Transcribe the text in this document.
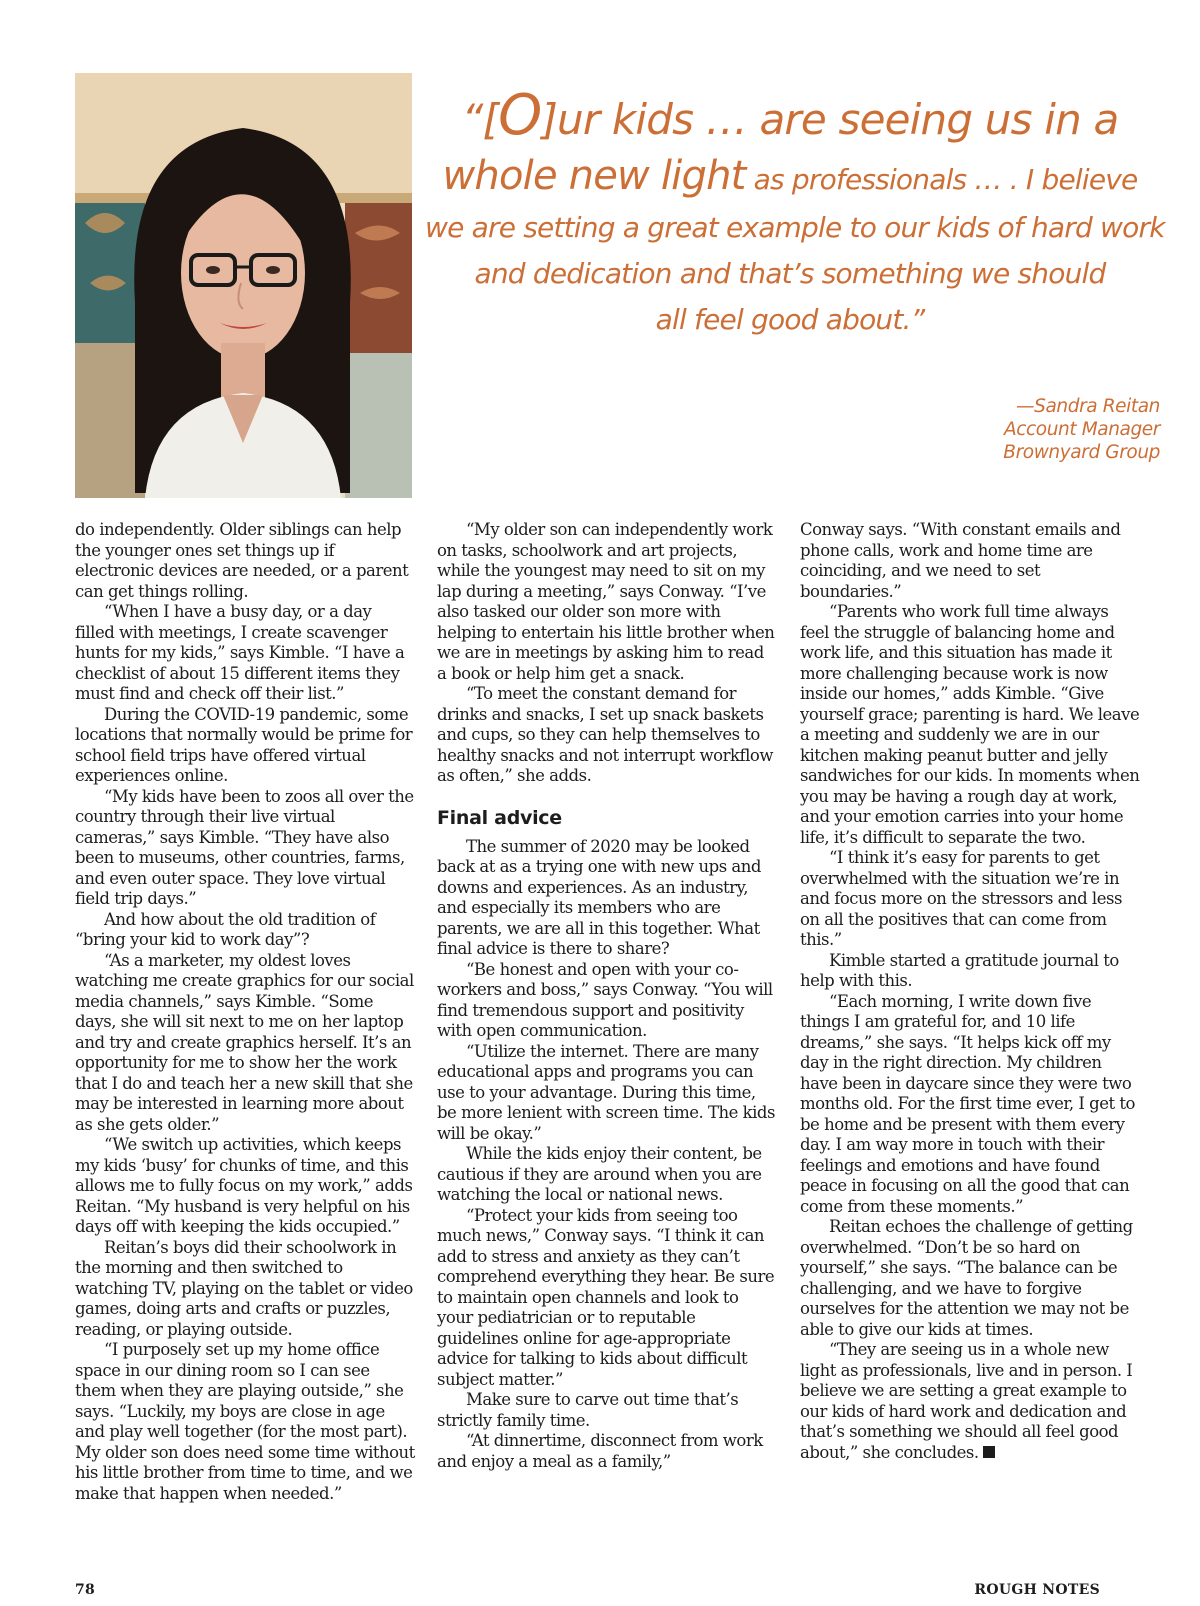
“[O]ur kids … are seeing us in a
whole new light as professionals … . I believe
we are setting a great example to our kids of hard work
and dedication and that’s something we should
all feel good about.”
—Sandra Reitan
Account Manager
Brownyard Group

do independently. Older siblings can help the younger ones set things up if electronic devices are needed, or a parent can get things rolling.

“When I have a busy day, or a day filled with meetings, I create scavenger hunts for my kids,” says Kimble. “I have a checklist of about 15 different items they must find and check off their list.”

During the COVID-19 pandemic, some locations that normally would be prime for school field trips have offered virtual experiences online.

“My kids have been to zoos all over the country through their live virtual cameras,” says Kimble. “They have also been to museums, other countries, farms, and even outer space. They love virtual field trip days.”

And how about the old tradition of “bring your kid to work day”?

“As a marketer, my oldest loves watching me create graphics for our social media channels,” says Kimble. “Some days, she will sit next to me on her laptop and try and create graphics herself. It’s an opportunity for me to show her the work that I do and teach her a new skill that she may be interested in learning more about as she gets older.”

“We switch up activities, which keeps my kids ‘busy’ for chunks of time, and this allows me to fully focus on my work,” adds Reitan. “My husband is very helpful on his days off with keeping the kids occupied.”

Reitan’s boys did their schoolwork in the morning and then switched to watching TV, playing on the tablet or video games, doing arts and crafts or puzzles, reading, or playing outside.

“I purposely set up my home office space in our dining room so I can see them when they are playing outside,” she says. “Luckily, my boys are close in age and play well together (for the most part). My older son does need some time without his little brother from time to time, and we make that happen when needed.”

“My older son can independently work on tasks, schoolwork and art projects, while the youngest may need to sit on my lap during a meeting,” says Conway. “I’ve also tasked our older son more with helping to entertain his little brother when we are in meetings by asking him to read a book or help him get a snack.

“To meet the constant demand for drinks and snacks, I set up snack baskets and cups, so they can help themselves to healthy snacks and not interrupt workflow as often,” she adds.

Final advice

The summer of 2020 may be looked back at as a trying one with new ups and downs and experiences. As an industry, and especially its members who are parents, we are all in this together. What final advice is there to share?

“Be honest and open with your co-workers and boss,” says Conway. “You will find tremendous support and positivity with open communication.

“Utilize the internet. There are many educational apps and programs you can use to your advantage. During this time, be more lenient with screen time. The kids will be okay.”

While the kids enjoy their content, be cautious if they are around when you are watching the local or national news.

“Protect your kids from seeing too much news,” Conway says. “I think it can add to stress and anxiety as they can’t comprehend everything they hear. Be sure to maintain open channels and look to your pediatrician or to reputable guidelines online for age-appropriate advice for talking to kids about difficult subject matter.”

Make sure to carve out time that’s strictly family time.

“At dinnertime, disconnect from work and enjoy a meal as a family,”

Conway says. “With constant emails and phone calls, work and home time are coinciding, and we need to set boundaries.”

“Parents who work full time always feel the struggle of balancing home and work life, and this situation has made it more challenging because work is now inside our homes,” adds Kimble. “Give yourself grace; parenting is hard. We leave a meeting and suddenly we are in our kitchen making peanut butter and jelly sandwiches for our kids. In moments when you may be having a rough day at work, and your emotion carries into your home life, it’s difficult to separate the two.

“I think it’s easy for parents to get overwhelmed with the situation we’re in and focus more on the stressors and less on all the positives that can come from this.”

Kimble started a gratitude journal to help with this.

“Each morning, I write down five things I am grateful for, and 10 life dreams,” she says. “It helps kick off my day in the right direction. My children have been in daycare since they were two months old. For the first time ever, I get to be home and be present with them every day. I am way more in touch with their feelings and emotions and have found peace in focusing on all the good that can come from these moments.”

Reitan echoes the challenge of getting overwhelmed. “Don’t be so hard on yourself,” she says. “The balance can be challenging, and we have to forgive ourselves for the attention we may not be able to give our kids at times.

“They are seeing us in a whole new light as professionals, live and in person. I believe we are setting a great example to our kids of hard work and dedication and that’s something we should all feel good about,” she concludes.

78	ROUGH NOTES
